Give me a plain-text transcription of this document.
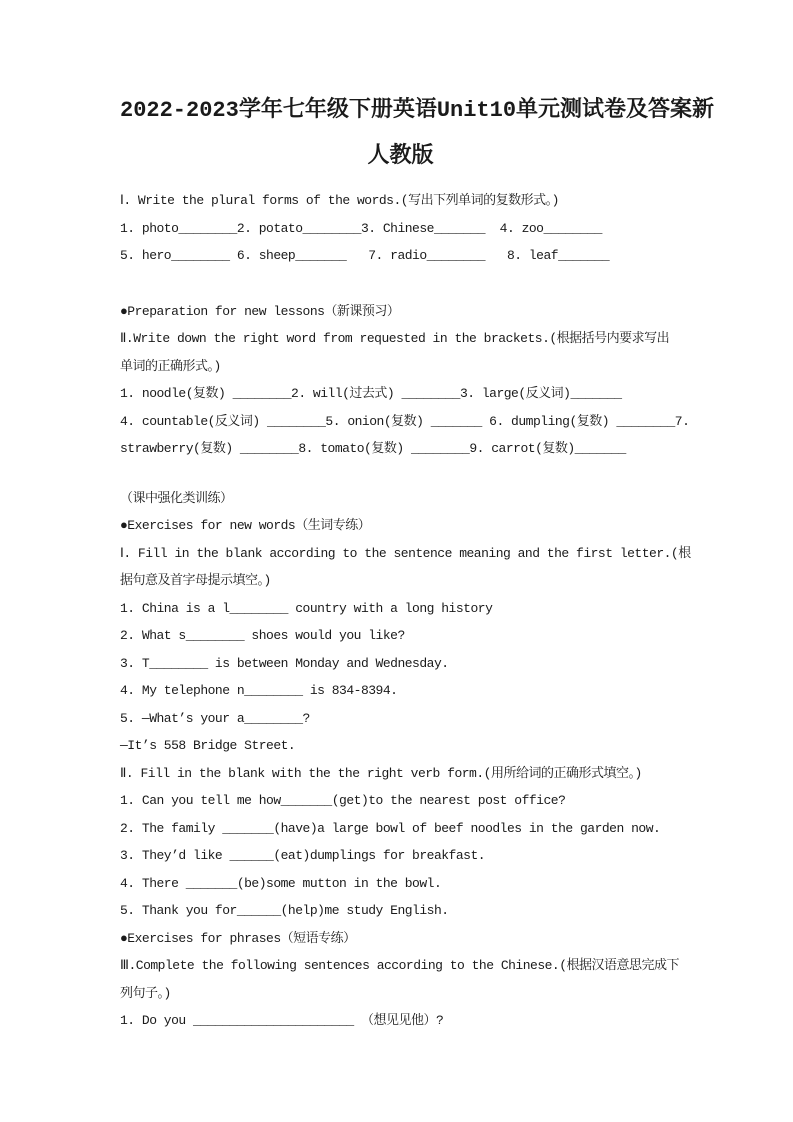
2022-2023学年七年级下册英语Unit10单元测试卷及答案新
人教版
Ⅰ. Write the plural forms of the words.(写出下列单词的复数形式。)
1. photo________2. potato________3. Chinese_______  4. zoo________
5. hero________ 6. sheep_______   7. radio________   8. leaf_______
●Preparation for new lessons（新课预习）
Ⅱ.Write down the right word from requested in the brackets.(根据括号内要求写出
单词的正确形式。)
1. noodle(复数) ________2. will(过去式) ________3. large(反义词)_______
4. countable(反义词) ________5. onion(复数) _______ 6. dumpling(复数) ________7.
strawberry(复数) ________8. tomato(复数) ________9. carrot(复数)_______
（课中强化类训练）
●Exercises for new words（生词专练）
Ⅰ. Fill in the blank according to the sentence meaning and the first letter.(根
据句意及首字母提示填空。)
1. China is a l________ country with a long history
2. What s________ shoes would you like?
3. T________ is between Monday and Wednesday.
4. My telephone n________ is 834-8394.
5. —What’s your a________?
—It’s 558 Bridge Street.
Ⅱ. Fill in the blank with the the right verb form.(用所给词的正确形式填空。)
1. Can you tell me how_______(get)to the nearest post office?
2. The family _______(have)a large bowl of beef noodles in the garden now.
3. They’d like ______(eat)dumplings for breakfast.
4. There _______(be)some mutton in the bowl.
5. Thank you for______(help)me study English.
●Exercises for phrases（短语专练）
Ⅲ.Complete the following sentences according to the Chinese.(根据汉语意思完成下
列句子。)
1. Do you ______________________ （想见见他）?
